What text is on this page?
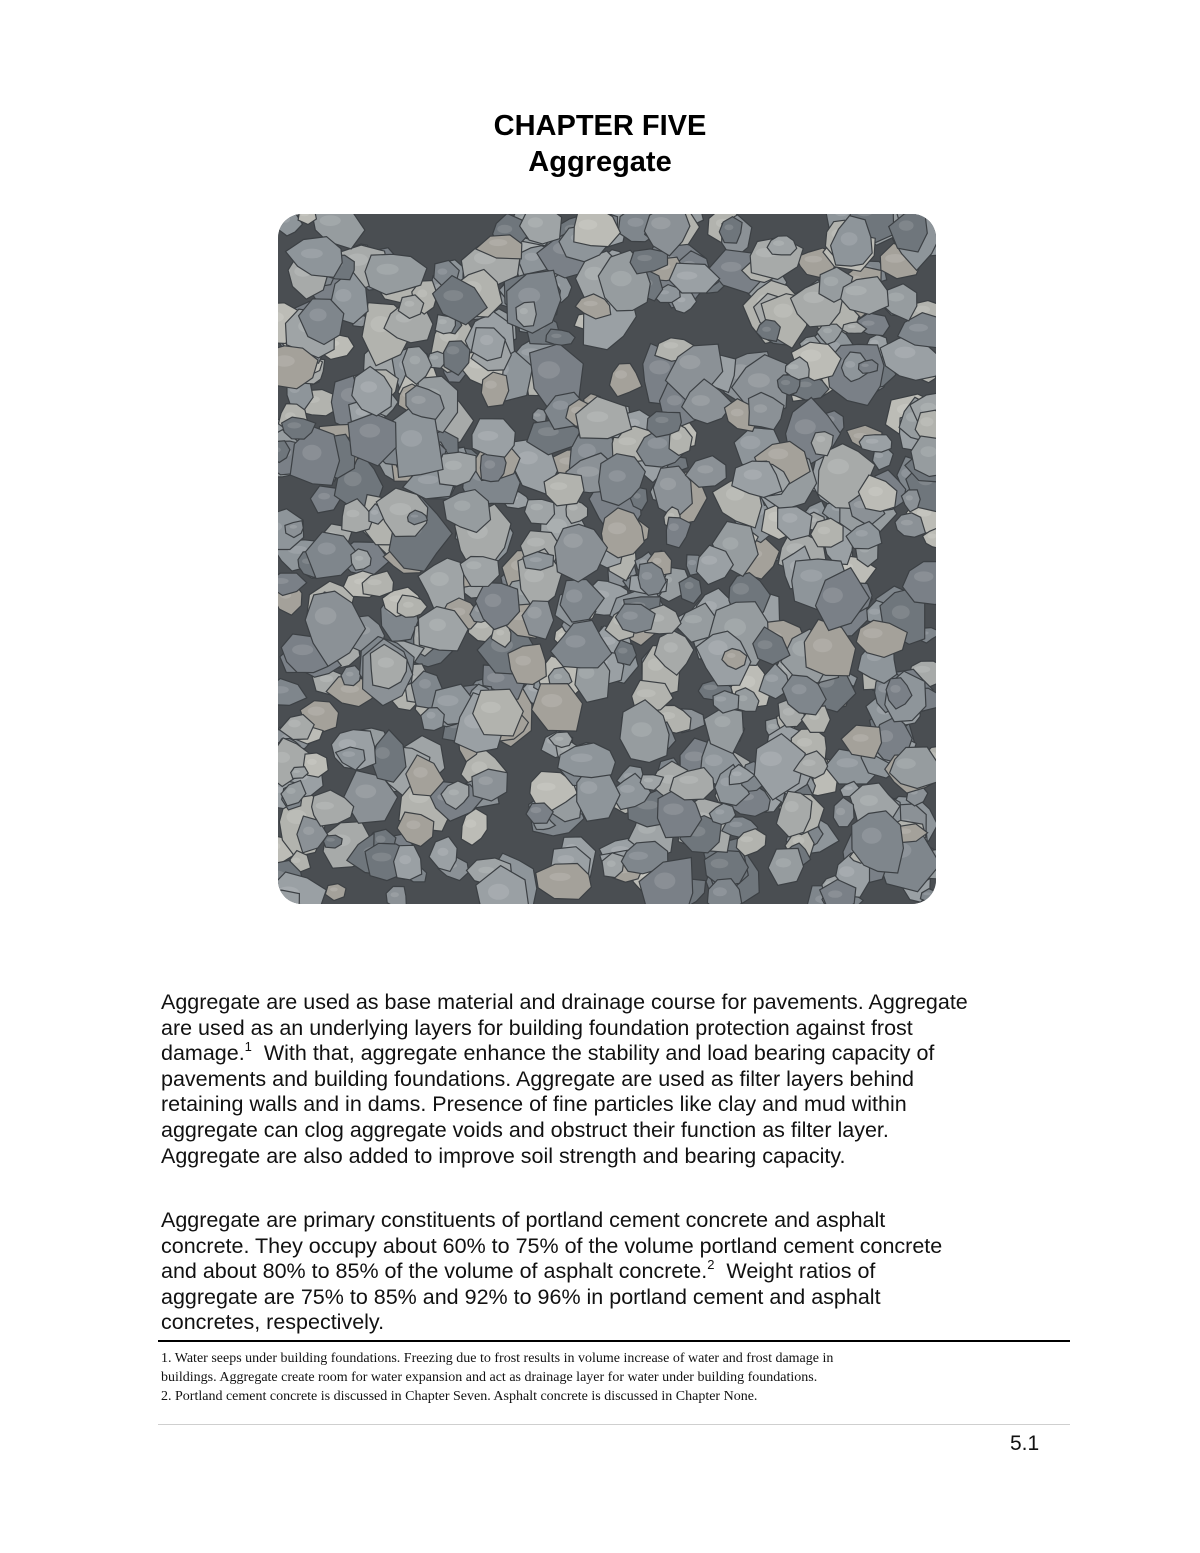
CHAPTER FIVE
Aggregate
Aggregate are used as base material and drainage course for pavements. Aggregate
are used as an underlying layers for building foundation protection against frost
damage.$^1$  With that, aggregate enhance the stability and load bearing capacity of
pavements and building foundations. Aggregate are used as filter layers behind
retaining walls and in dams. Presence of fine particles like clay and mud within
aggregate can clog aggregate voids and obstruct their function as filter layer.
Aggregate are also added to improve soil strength and bearing capacity.
Aggregate are primary constituents of portland cement concrete and asphalt
concrete. They occupy about 60% to 75% of the volume portland cement concrete
and about 80% to 85% of the volume of asphalt concrete.$^2$  Weight ratios of
aggregate are 75% to 85% and 92% to 96% in portland cement and asphalt
concretes, respectively.
1. Water seeps under building foundations. Freezing due to frost results in volume increase of water and frost damage in
buildings. Aggregate create room for water expansion and act as drainage layer for water under building foundations.
2. Portland cement concrete is discussed in Chapter Seven. Asphalt concrete is discussed in Chapter None.
5.1
